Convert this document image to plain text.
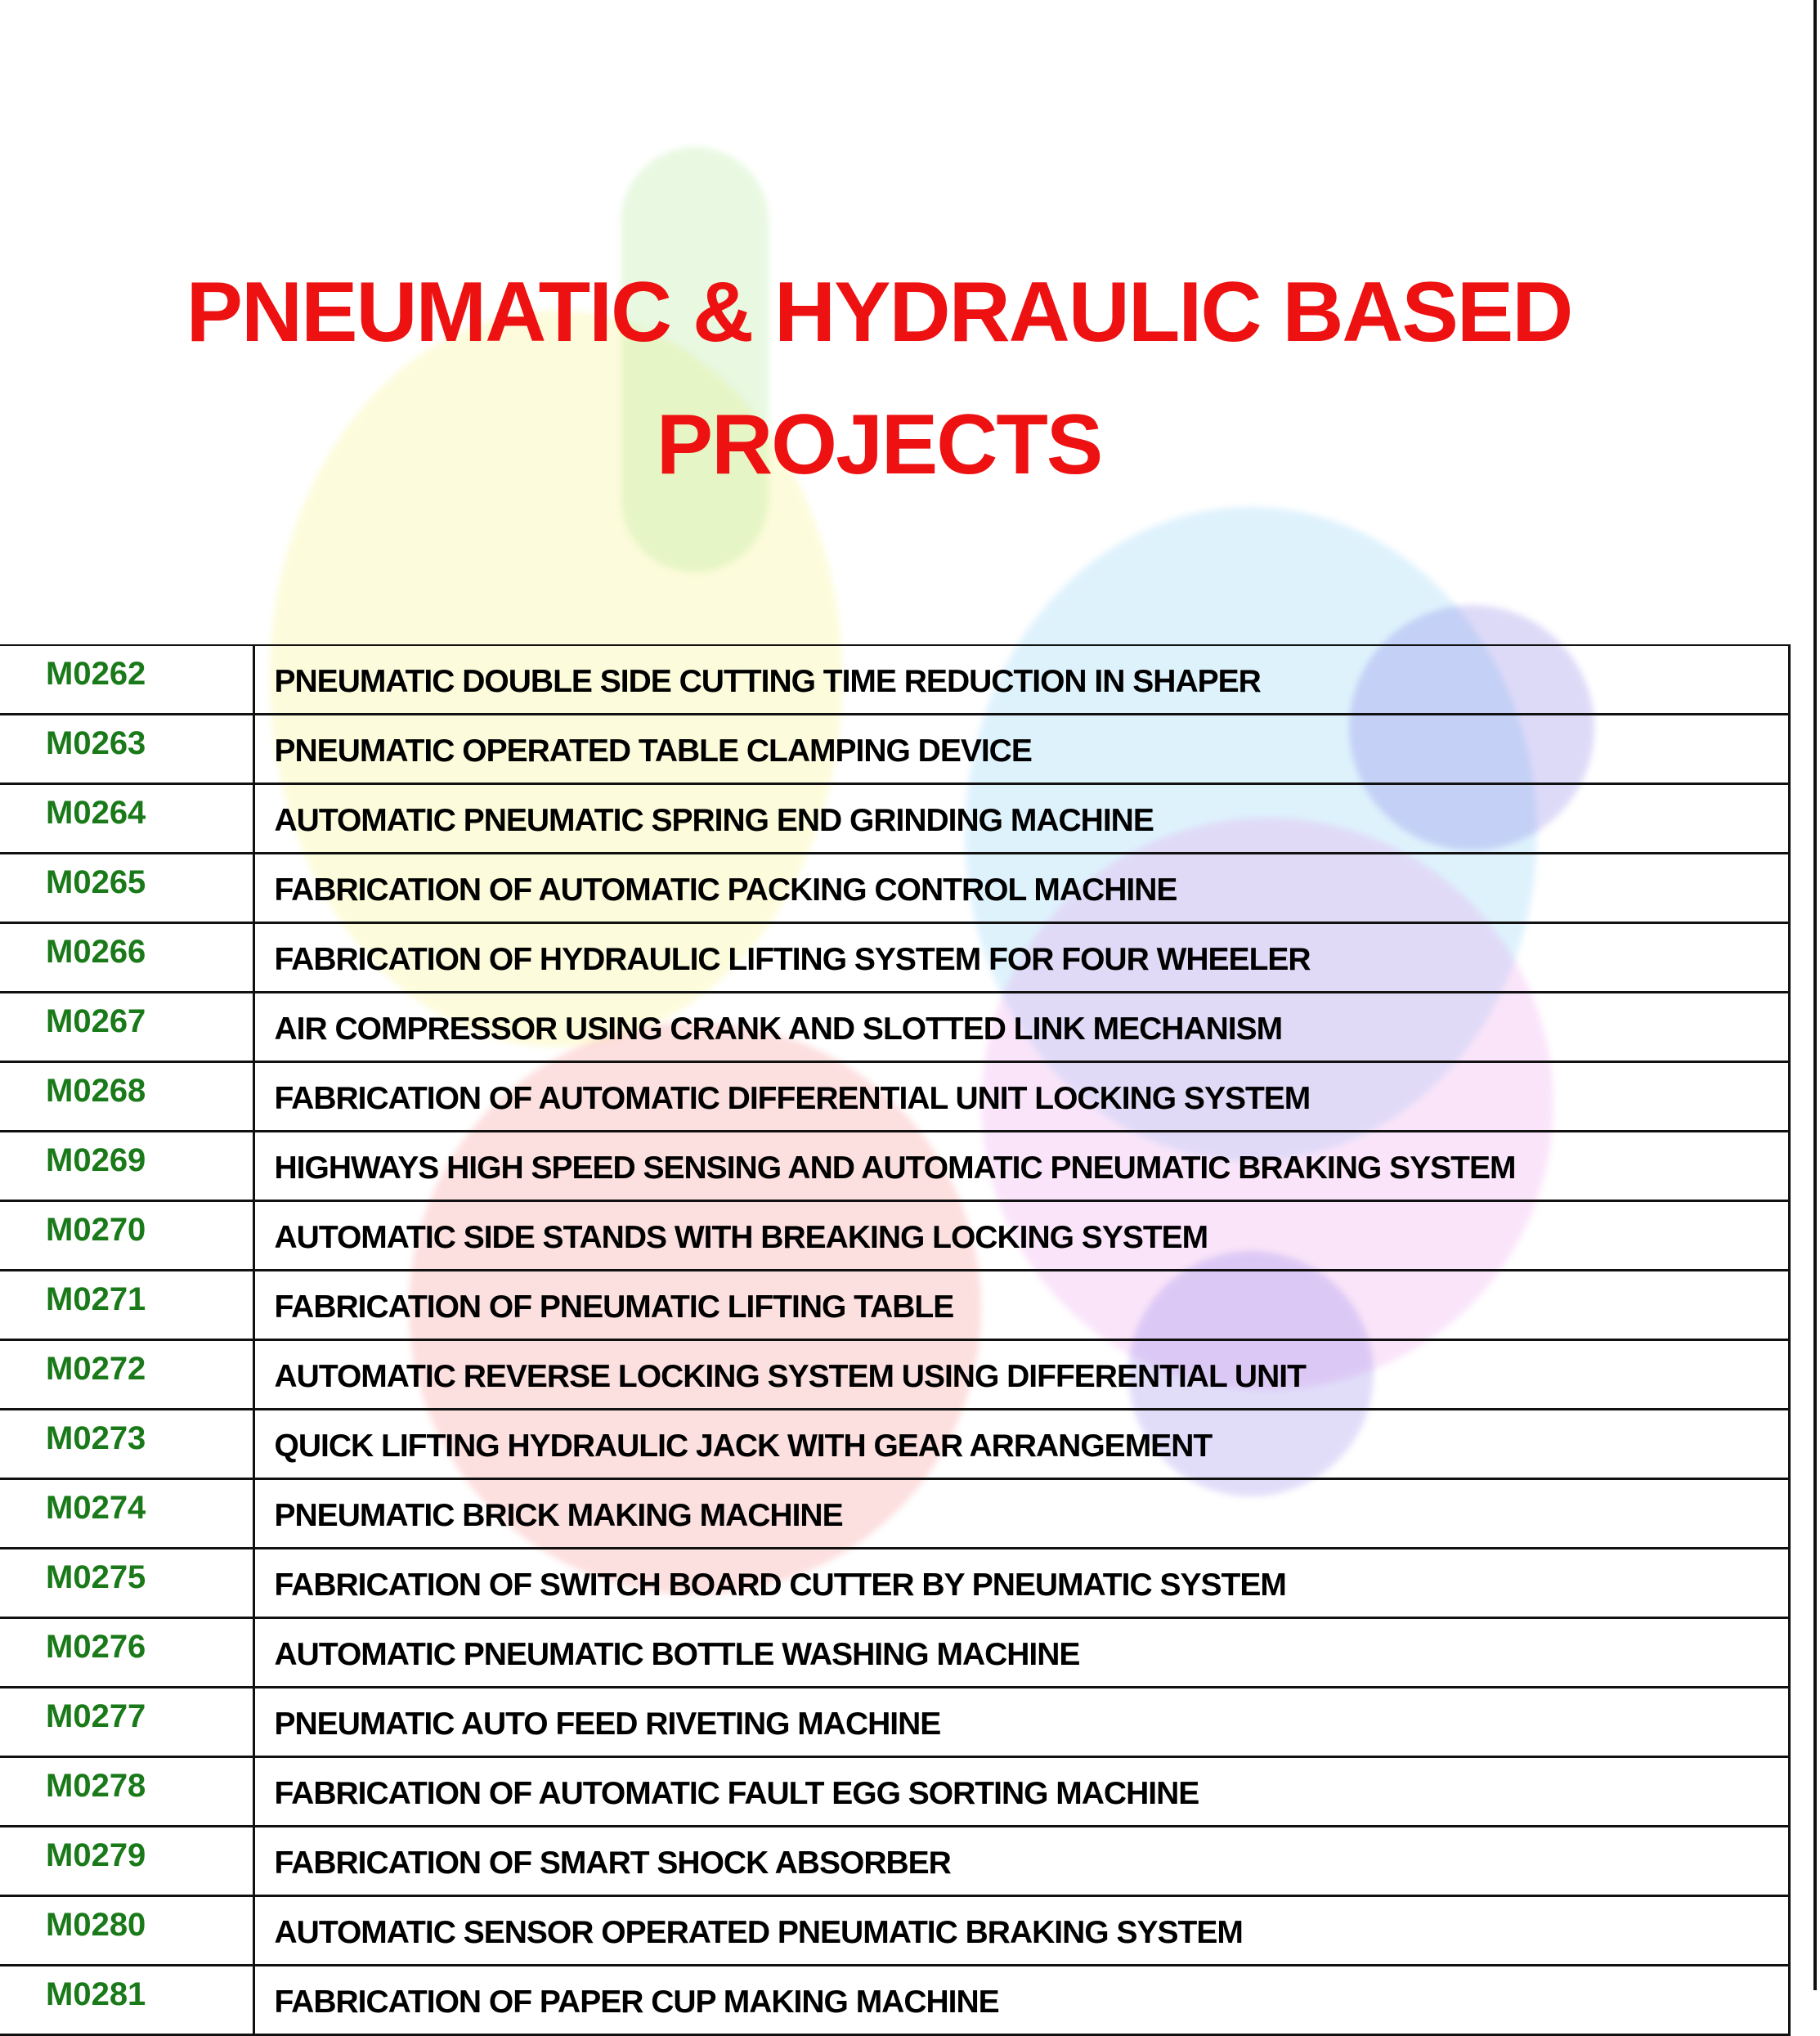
PNEUMATIC & HYDRAULIC BASED
PROJECTS
M0262	PNEUMATIC DOUBLE SIDE CUTTING TIME REDUCTION IN SHAPER
M0263	PNEUMATIC OPERATED TABLE CLAMPING DEVICE
M0264	AUTOMATIC PNEUMATIC SPRING END GRINDING MACHINE
M0265	FABRICATION OF AUTOMATIC PACKING CONTROL MACHINE
M0266	FABRICATION OF HYDRAULIC LIFTING SYSTEM FOR FOUR WHEELER
M0267	AIR COMPRESSOR USING CRANK AND SLOTTED LINK MECHANISM
M0268	FABRICATION OF AUTOMATIC DIFFERENTIAL UNIT LOCKING SYSTEM
M0269	HIGHWAYS HIGH SPEED SENSING AND AUTOMATIC PNEUMATIC BRAKING SYSTEM
M0270	AUTOMATIC SIDE STANDS WITH BREAKING LOCKING SYSTEM
M0271	FABRICATION OF PNEUMATIC LIFTING TABLE
M0272	AUTOMATIC REVERSE LOCKING SYSTEM USING DIFFERENTIAL UNIT
M0273	QUICK LIFTING HYDRAULIC JACK WITH GEAR ARRANGEMENT
M0274	PNEUMATIC BRICK MAKING MACHINE
M0275	FABRICATION OF SWITCH BOARD CUTTER BY PNEUMATIC SYSTEM
M0276	AUTOMATIC PNEUMATIC BOTTLE WASHING MACHINE
M0277	PNEUMATIC AUTO FEED RIVETING MACHINE
M0278	FABRICATION OF AUTOMATIC FAULT EGG SORTING MACHINE
M0279	FABRICATION OF SMART SHOCK ABSORBER
M0280	AUTOMATIC SENSOR OPERATED PNEUMATIC BRAKING SYSTEM
M0281	FABRICATION OF PAPER CUP MAKING MACHINE
